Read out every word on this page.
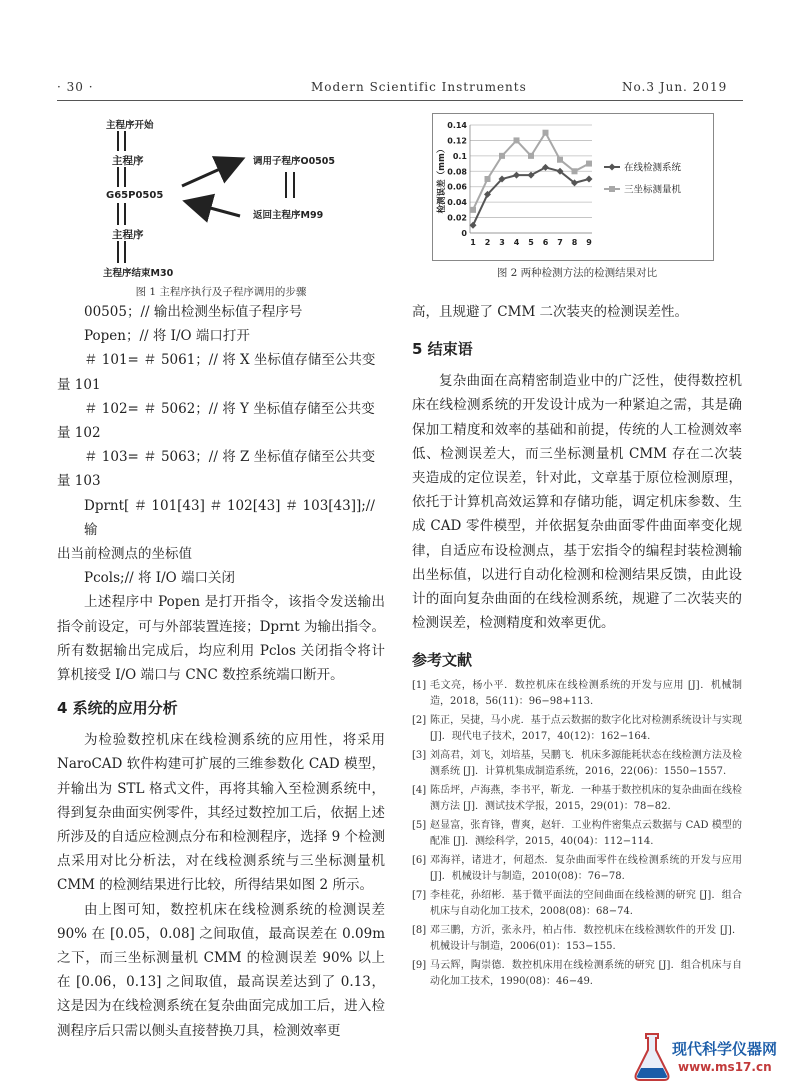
· 30 ·	Modern Scientific Instruments	No.3 Jun. 2019
主程序开始
主程序
G65P0505
主程序
主程序结束M30
调用子程序O0505
返回主程序M99
图 1 主程序执行及子程序调用的步骤
0
0.02
0.04
0.06
0.08
0.1
0.12
0.14
1 2 3 4 5 6 7 8 9
检测误差（mm）	在线检测系统
三坐标测量机
图 2 两种检测方法的检测结果对比

00505；// 输出检测坐标值子程序号

Popen；// 将 I/O 端口打开

＃ 101= ＃ 5061；// 将 X 坐标值存储至公共变

量 101

＃ 102= ＃ 5062；// 将 Y 坐标值存储至公共变

量 102

＃ 103= ＃ 5063；// 将 Z 坐标值存储至公共变

量 103

Dprnt[ ＃ 101[43] ＃ 102[43] ＃ 103[43]];// 输

出当前检测点的坐标值

Pcols;// 将 I/O 端口关闭

上述程序中 Popen 是打开指令，该指令发送输出指令前设定，可与外部装置连接；Dprnt 为输出指令。所有数据输出完成后，均应利用 Pclos 关闭指令将计算机接受 I/O 端口与 CNC 数控系统端口断开。

4 系统的应用分析

为检验数控机床在线检测系统的应用性，将采用 NaroCAD 软件构建可扩展的三维参数化 CAD 模型，并输出为 STL 格式文件，再将其输入至检测系统中，得到复杂曲面实例零件，其经过数控加工后，依据上述所涉及的自适应检测点分布和检测程序，选择 9 个检测点采用对比分析法，对在线检测系统与三坐标测量机 CMM 的检测结果进行比较，所得结果如图 2 所示。

由上图可知，数控机床在线检测系统的检测误差 90% 在 [0.05，0.08] 之间取值，最高误差在 0.09m 之下，而三坐标测量机 CMM 的检测误差 90% 以上在 [0.06，0.13] 之间取值，最高误差达到了 0.13，这是因为在线检测系统在复杂曲面完成加工后，进入检测程序后只需以侧头直接替换刀具，检测效率更

高，且规避了 CMM 二次装夹的检测误差性。

5 结束语

复杂曲面在高精密制造业中的广泛性，使得数控机床在线检测系统的开发设计成为一种紧迫之需，其是确保加工精度和效率的基础和前提，传统的人工检测效率低、检测误差大，而三坐标测量机 CMM 存在二次装夹造成的定位误差，针对此，文章基于原位检测原理，依托于计算机高效运算和存储功能，调定机床参数、生成 CAD 零件模型，并依据复杂曲面零件曲面率变化规律，自适应布设检测点，基于宏指令的编程封装检测输出坐标值，以进行自动化检测和检测结果反馈，由此设计的面向复杂曲面的在线检测系统，规避了二次装夹的检测误差，检测精度和效率更优。

参考文献
[1] 毛文亮，杨小平．数控机床在线检测系统的开发与应用 [J]．机械制造，2018，56(11)：96−98+113.
[2] 陈正，吴捷，马小虎．基于点云数据的数字化比对检测系统设计与实现 [J]．现代电子技术，2017，40(12)：162−164.
[3] 刘高君，刘飞，刘培基，吴鹏飞．机床多源能耗状态在线检测方法及检测系统 [J]．计算机集成制造系统，2016，22(06)：1550−1557.
[4] 陈岳坪，卢海燕，李书平，靳龙．一种基于数控机床的复杂曲面在线检测方法 [J]．测试技术学报，2015，29(01)：78−82.
[5] 赵显富，张育锋，曹爽，赵轩．工业构件密集点云数据与 CAD 模型的配准 [J]．测绘科学，2015，40(04)：112−114.
[6] 邓海祥，诸进才，何超杰．复杂曲面零件在线检测系统的开发与应用 [J]．机械设计与制造，2010(08)：76−78.
[7] 李桂花，孙绍彬．基于微平面法的空间曲面在线检测的研究 [J]．组合机床与自动化加工技术，2008(08)：68−74.
[8] 邓三鹏，方沂，张永丹，柏占伟．数控机床在线检测软件的开发 [J]．机械设计与制造，2006(01)：153−155.
[9] 马云辉，陶崇德．数控机床用在线检测系统的研究 [J]．组合机床与自动化加工技术，1990(08)：46−49.
现代科学仪器网
www.ms17.cn
